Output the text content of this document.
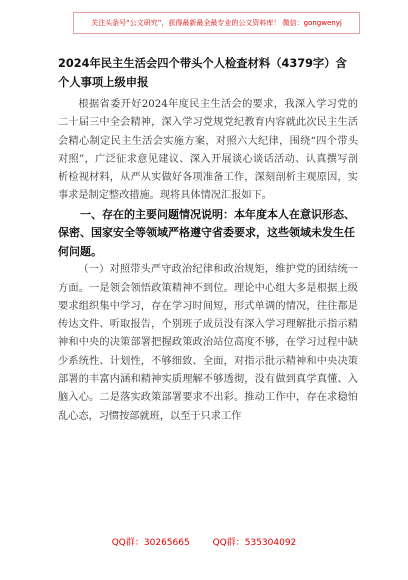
关注头条号“公文研究”，获得最新最全最专业的公文资料库！ 微信：gongwenyj

2024年民主生活会四个带头个人检查材料（4379字）含个人事项上级申报

根据省委开好2024年度民主生活会的要求，我深入学习党的二十届三中全会精神，深入学习党规党纪教育内容就此次民主生活会精心制定民主生活会实施方案，对照六大纪律，围绕“四个带头对照”，广泛征求意见建议、深入开展谈心谈话活动、认真撰写剖析检视材料，从严从实做好各项准备工作，深刻剖析主观原因，实事求是制定整改措施。现将具体情况汇报如下。

一、存在的主要问题情况说明：本年度本人在意识形态、保密、国家安全等领域严格遵守省委要求，这些领域未发生任何问题。

（一）对照带头严守政治纪律和政治规矩，维护党的团结统一方面。一是领会领悟政策精神不到位。理论中心组大多是根据上级要求组织集中学习，存在学习时间短，形式单调的情况，往往都是传达文件、听取报告，个别班子成员没有深入学习理解批示指示精神和中央的决策部署把握政策政治站位高度不够，在学习过程中缺少系统性、计划性，不够细致、全面，对指示批示精神和中央决策部署的丰富内涵和精神实质理解不够透彻，没有做到真学真懂、入脑入心。二是落实政策部署要求不出彩。推动工作中，存在求稳怕乱心态，习惯按部就班，以至于只求工作

QQ群：30265665	QQ群：535304092
